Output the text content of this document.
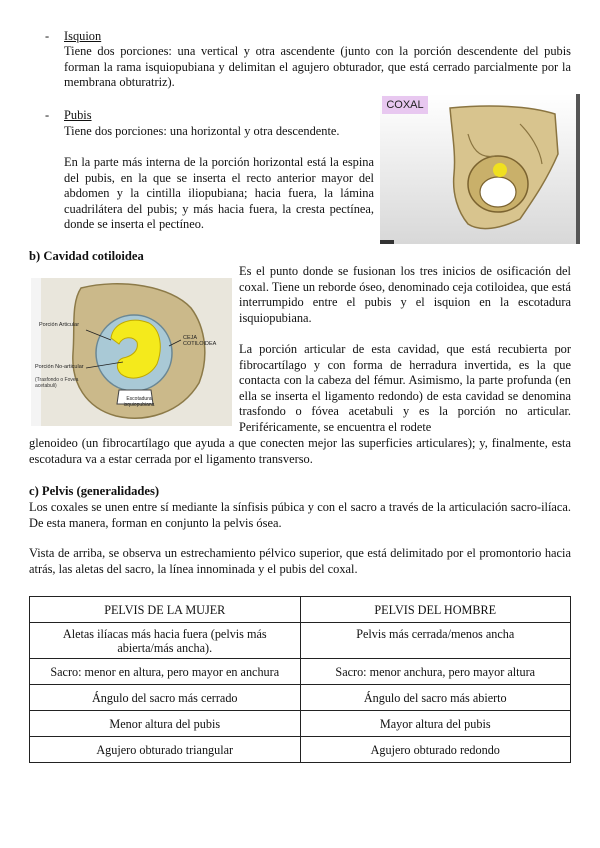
- Isquion
Tiene dos porciones: una vertical y otra ascendente (junto con la porción descendente del pubis forman la rama isquiopubiana y delimitan el agujero obturador, que está cerrado parcialmente por la membrana obturatriz).
- Pubis
Tiene dos porciones: una horizontal y otra descendente.
En la parte más interna de la porción horizontal está la espina del pubis, en la que se inserta el recto anterior mayor del abdomen y la cintilla iliopubiana; hacia fuera, la lámina cuadrilátera del pubis; y más hacia fuera, la cresta pectínea, donde se inserta el pectíneo.
COXAL
b) Cavidad cotiloidea
Porción Articular
Porción No-articular
(Trasfondo o Fovea acetabuli)
CEJA COTILOIDEA
Escotadura isquiopubiana
Es el punto donde se fusionan los tres inicios de osificación del coxal. Tiene un reborde óseo, denominado ceja cotiloidea, que está interrumpido entre el pubis y el isquion en la escotadura isquiopubiana.
La porción articular de esta cavidad, que está recubierta por fibrocartílago y con forma de herradura invertida, es la que contacta con la cabeza del fémur. Asimismo, la parte profunda (en ella se inserta el ligamento redondo) de esta cavidad se denomina trasfondo o fóvea acetabuli y es la porción no articular. Periféricamente, se encuentra el rodete
glenoideo (un fibrocartílago que ayuda a que conecten mejor las superficies articulares); y, finalmente, esta escotadura va a estar cerrada por el ligamento transverso.
c) Pelvis (generalidades)
Los coxales se unen entre sí mediante la sínfisis púbica y con el sacro a través de la articulación sacro-ilíaca. De esta manera, forman en conjunto la pelvis ósea.
Vista de arriba, se observa un estrechamiento pélvico superior, que está delimitado por el promontorio hacia atrás, las aletas del sacro, la línea innominada y el pubis del coxal.
PELVIS DE LA MUJER	PELVIS DEL HOMBRE
Aletas ilíacas más hacia fuera (pelvis más abierta/más ancha).	Pelvis más cerrada/menos ancha
Sacro: menor en altura, pero mayor en anchura	Sacro: menor anchura, pero mayor altura
Ángulo del sacro más cerrado	Ángulo del sacro más abierto
Menor altura del pubis	Mayor altura del pubis
Agujero obturado triangular	Agujero obturado redondo
